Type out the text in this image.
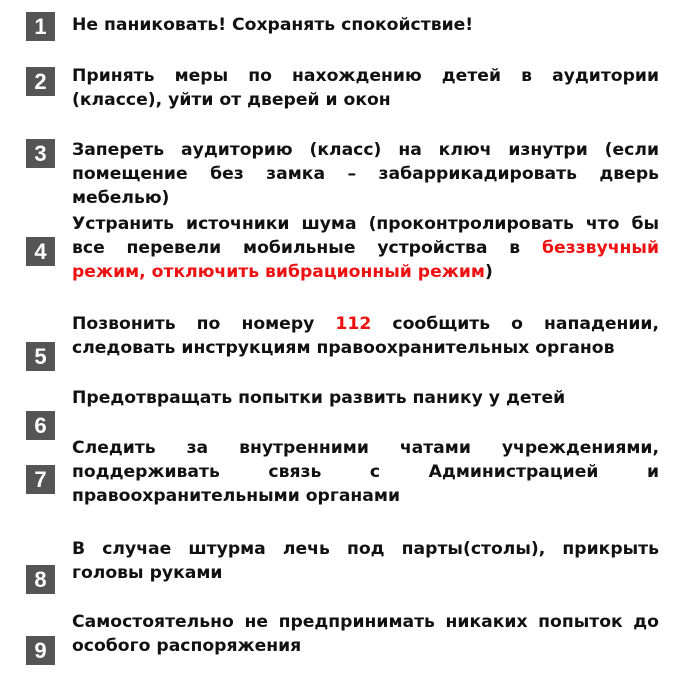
1	Не паниковать! Сохранять спокойствие!
2	Принять меры по нахождению детей в аудитории (классе), уйти от дверей и окон
3	Запереть аудиторию (класс) на ключ изнутри (если помещение без замка – забаррикадировать дверь мебелью)
4
Устранить источники шума (проконтролировать что бы все перевели мобильные устройства в беззвучный режим, отключить вибрационный режим)
5
Позвонить по номеру 112 сообщить о нападении, следовать инструкциям правоохранительных органов
6
Предотвращать попытки развить панику у детей
7
Следить за внутренними чатами учреждениями, поддерживать связь с Администрацией и правоохранительными органами
8
В случае штурма лечь под парты(столы), прикрыть головы руками
9
Самостоятельно не предпринимать никаких попыток до особого распоряжения
